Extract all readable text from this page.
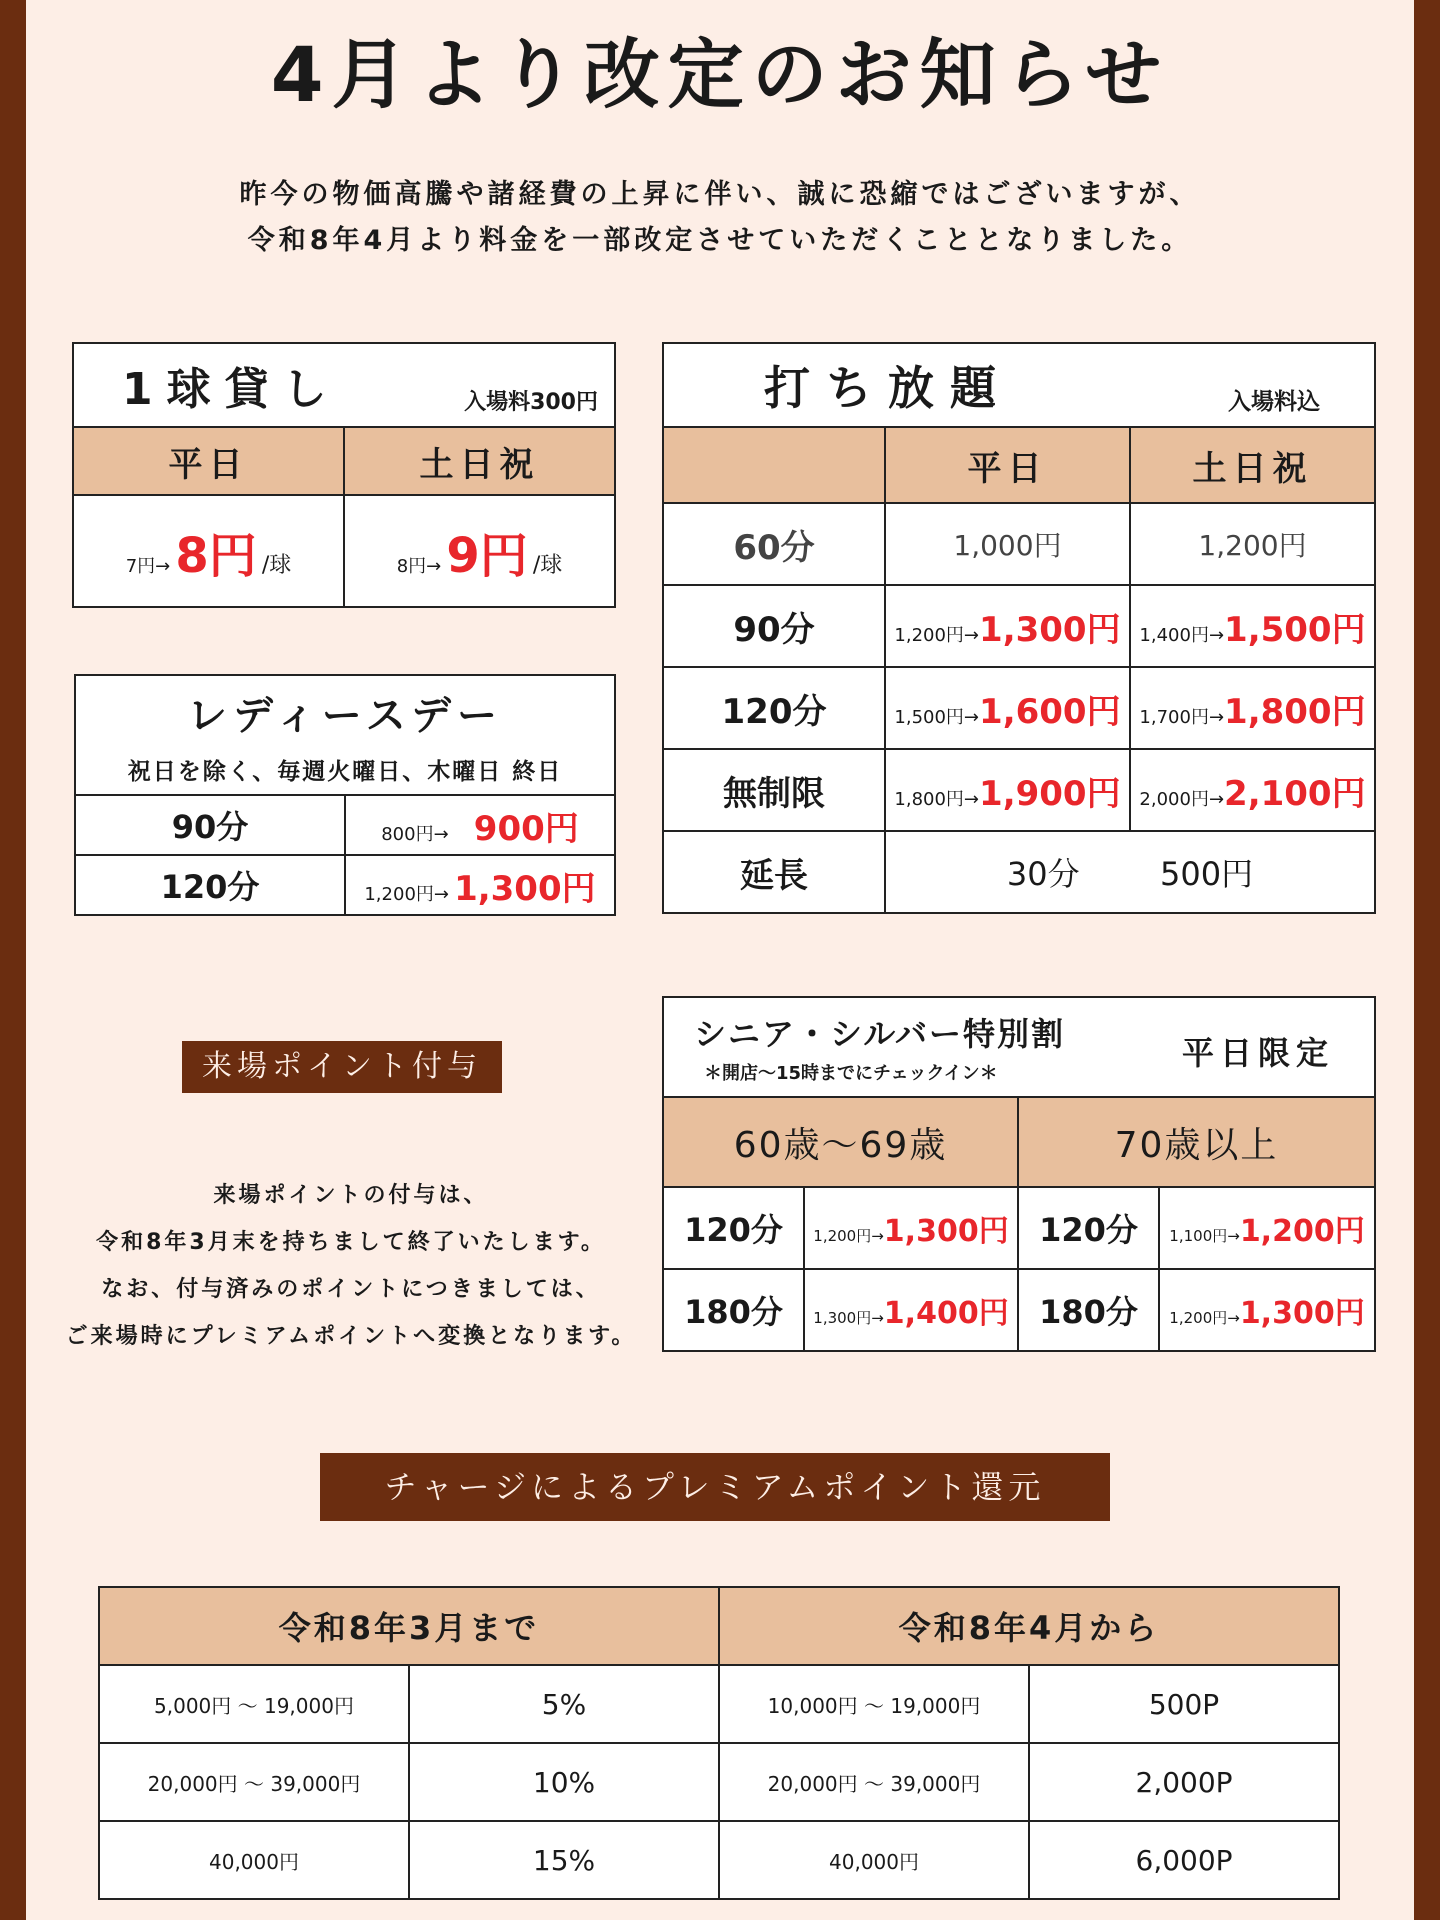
4月より改定のお知らせ
昨今の物価高騰や諸経費の上昇に伴い、誠に恐縮ではございますが、
令和8年4月より料金を一部改定させていただくこととなりました。
1球貸し 入場料300円	

平日	土日祝
7円→ 8円 /球	8円→ 9円 /球
レディースデー
祝日を除く、毎週火曜日、木曜日 終日	

90分	800円→ 900円
120分	1,200円→ 1,300円
打ち放題 入場料込		

	平日	土日祝
60分	1,000円	1,200円
90分	1,200円→1,300円	1,400円→1,500円
120分	1,500円→1,600円	1,700円→1,800円
無制限	1,800円→1,900円	2,000円→2,100円
延長	30分 500円	
来場ポイント付与
来場ポイントの付与は、
令和8年3月末を持ちまして終了いたします。
なお、付与済みのポイントにつきましては、
ご来場時にプレミアムポイントへ変換となります。
シニア・シルバー特別割
＊開店～15時までにチェックイン＊
平日限定			

60歳～69歳		70歳以上	
120分	1,200円→1,300円	120分	1,100円→1,200円
180分	1,300円→1,400円	180分	1,200円→1,300円
チャージによるプレミアムポイント還元
令和8年3月まで		令和8年4月から	
5,000円 ～ 19,000円	5%	10,000円 ～ 19,000円	500P
20,000円 ～ 39,000円	10%	20,000円 ～ 39,000円	2,000P
40,000円	15%	40,000円	6,000P
